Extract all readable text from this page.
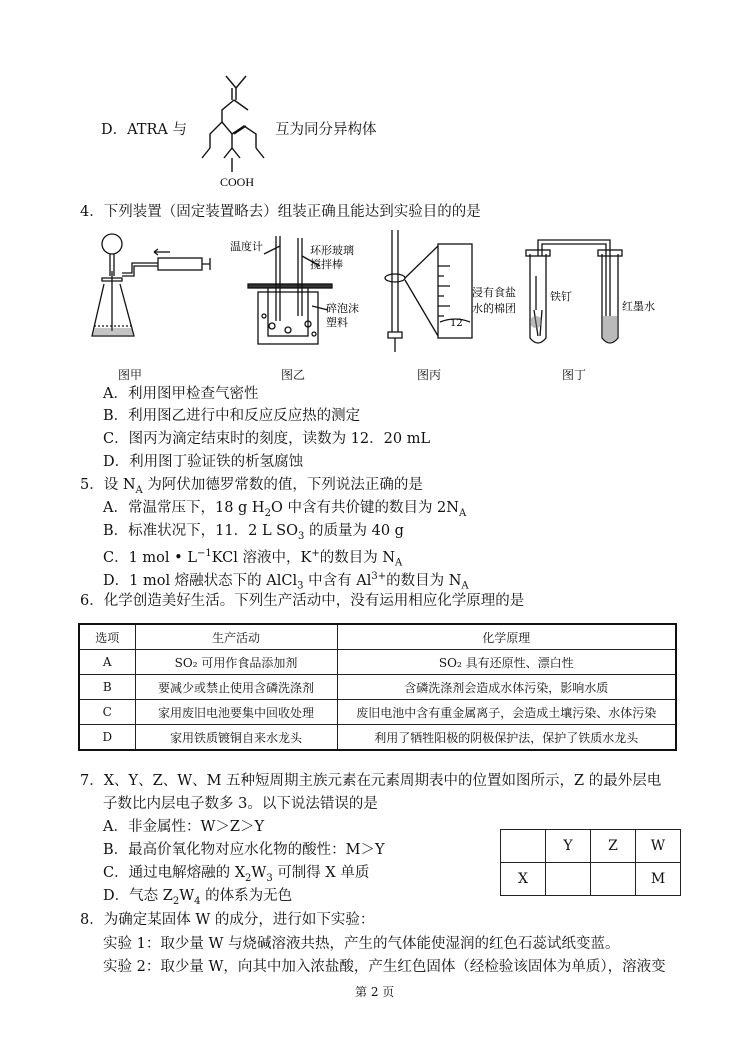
D．ATRA 与
COOH
互为同分异构体
4．下列装置（固定装置略去）组装正确且能达到实验目的的是
图甲
温度计	环形玻璃
搅拌棒
碎泡沫
塑料
图乙
12
图丙
浸有食盐
水的棉团
铁钉
红墨水
图丁
A．利用图甲检查气密性
B．利用图乙进行中和反应反应热的测定
C．图丙为滴定结束时的刻度，读数为 12．20 mL
D．利用图丁验证铁的析氢腐蚀
5．设 $N_A$ 为阿伏加德罗常数的值，下列说法正确的是
A．常温常压下，18 g $H_2O$ 中含有共价键的数目为 $2N_A$
B．标准状况下，11．2 L $SO_3$ 的质量为 40 g
C．1 mol • $L^{-1}KCl$ 溶液中，K+的数目为 $N_A$
D．1 mol 熔融状态下的 AlCl$_3$ 中含有 $Al^{3+}$的数目为 $N_A$
6．化学创造美好生活。下列生产活动中，没有运用相应化学原理的是
选项	生产活动	化学原理
A	SO₂ 可用作食品添加剂	SO₂ 具有还原性、漂白性
B	要减少或禁止使用含磷洗涤剂	含磷洗涤剂会造成水体污染，影响水质
C	家用废旧电池要集中回收处理	废旧电池中含有重金属离子，会造成土壤污染、水体污染
D	家用铁质镀铜自来水龙头	利用了牺牲阳极的阴极保护法，保护了铁质水龙头
7．X、Y、Z、W、M 五种短周期主族元素在元素周期表中的位置如图所示，Z 的最外层电
子数比内层电子数多 3。以下说法错误的是
A．非金属性：W＞Z＞Y
B．最高价氧化物对应水化物的酸性：M＞Y
C．通过电解熔融的 $X_2W_3$ 可制得 X 单质
D．气态 $Z_2W_4$ 的体系为无色
	Y	Z	W
X			M
8．为确定某固体 W 的成分，进行如下实验：
实验 1：取少量 W 与烧碱溶液共热，产生的气体能使湿润的红色石蕊试纸变蓝。
实验 2：取少量 W，向其中加入浓盐酸，产生红色固体（经检验该固体为单质），溶液变
第 2 页
